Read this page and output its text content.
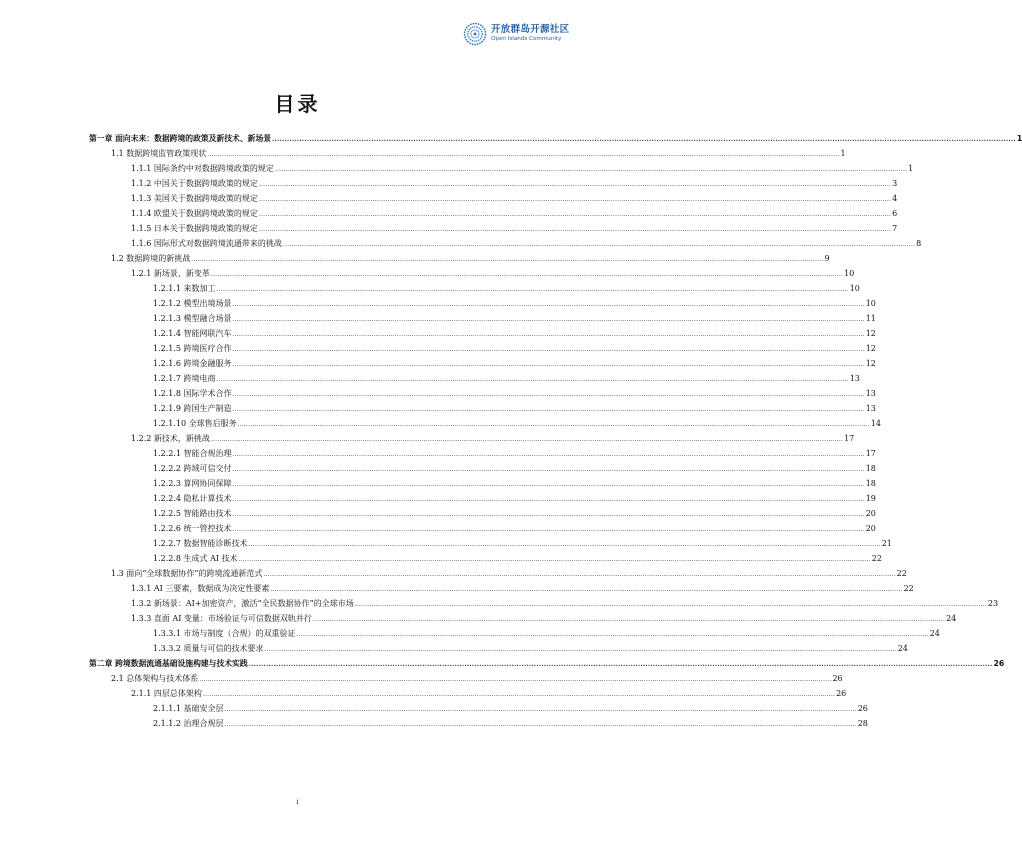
开放群岛开源社区
Open Islands Community
目录
第一章 面向未来：数据跨境的政策及新技术、新场景 ............................................................................................................................................................................................................................................................................................................ 1
1.1 数据跨境监管政策现状 ............................................................................................................................................................................................................................................................................................................ 1
1.1.1 国际条约中对数据跨境政策的规定 ............................................................................................................................................................................................................................................................................................................ 1
1.1.2 中国关于数据跨境政策的规定 ............................................................................................................................................................................................................................................................................................................ 3
1.1.3 美国关于数据跨境政策的规定 ............................................................................................................................................................................................................................................................................................................ 4
1.1.4 欧盟关于数据跨境政策的规定 ............................................................................................................................................................................................................................................................................................................ 6
1.1.5 日本关于数据跨境政策的规定 ............................................................................................................................................................................................................................................................................................................ 7
1.1.6 国际形式对数据跨境流通带来的挑战 ............................................................................................................................................................................................................................................................................................................ 8
1.2 数据跨境的新挑战 ............................................................................................................................................................................................................................................................................................................ 9
1.2.1 新场景，新变革 ............................................................................................................................................................................................................................................................................................................ 10
1.2.1.1 来数加工 ............................................................................................................................................................................................................................................................................................................ 10
1.2.1.2 模型出境场景 ............................................................................................................................................................................................................................................................................................................ 10
1.2.1.3 模型融合场景 ............................................................................................................................................................................................................................................................................................................ 11
1.2.1.4 智能网联汽车 ............................................................................................................................................................................................................................................................................................................ 12
1.2.1.5 跨境医疗合作 ............................................................................................................................................................................................................................................................................................................ 12
1.2.1.6 跨境金融服务 ............................................................................................................................................................................................................................................................................................................ 12
1.2.1.7 跨境电商 ............................................................................................................................................................................................................................................................................................................ 13
1.2.1.8 国际学术合作 ............................................................................................................................................................................................................................................................................................................ 13
1.2.1.9 跨国生产制造 ............................................................................................................................................................................................................................................................................................................ 13
1.2.1.10 全球售后服务 ............................................................................................................................................................................................................................................................................................................ 14
1.2.2 新技术，新挑战 ............................................................................................................................................................................................................................................................................................................ 17
1.2.2.1 智能合规治理 ............................................................................................................................................................................................................................................................................................................ 17
1.2.2.2 跨域可信交付 ............................................................................................................................................................................................................................................................................................................ 18
1.2.2.3 算网协同保障 ............................................................................................................................................................................................................................................................................................................ 18
1.2.2.4 隐私计算技术 ............................................................................................................................................................................................................................................................................................................ 19
1.2.2.5 智能路由技术 ............................................................................................................................................................................................................................................................................................................ 20
1.2.2.6 统一管控技术 ............................................................................................................................................................................................................................................................................................................ 20
1.2.2.7 数据智能诊断技术 ............................................................................................................................................................................................................................................................................................................ 21
1.2.2.8 生成式 AI 技术 ............................................................................................................................................................................................................................................................................................................ 22
1.3 面向“全球数据协作”的跨境流通新范式 ............................................................................................................................................................................................................................................................................................................ 22
1.3.1 AI 三要素，数据成为决定性要素 ............................................................................................................................................................................................................................................................................................................ 22
1.3.2 新场景：AI+加密资产，激活“全民数据协作”的全球市场 ............................................................................................................................................................................................................................................................................................................ 23
1.3.3 直面 AI 变量：市场验证与可信数据双轨并行 ............................................................................................................................................................................................................................................................................................................ 24
1.3.3.1 市场与制度（合规）的双重验证 ............................................................................................................................................................................................................................................................................................................ 24
1.3.3.2 质量与可信的技术要求 ............................................................................................................................................................................................................................................................................................................ 24
第二章 跨境数据流通基础设施构建与技术实践 ............................................................................................................................................................................................................................................................................................................ 26
2.1 总体架构与技术体系 ............................................................................................................................................................................................................................................................................................................ 26
2.1.1 四层总体架构 ............................................................................................................................................................................................................................................................................................................ 26
2.1.1.1 基础安全层 ............................................................................................................................................................................................................................................................................................................ 26
2.1.1.2 治理合规层 ............................................................................................................................................................................................................................................................................................................ 28
i
